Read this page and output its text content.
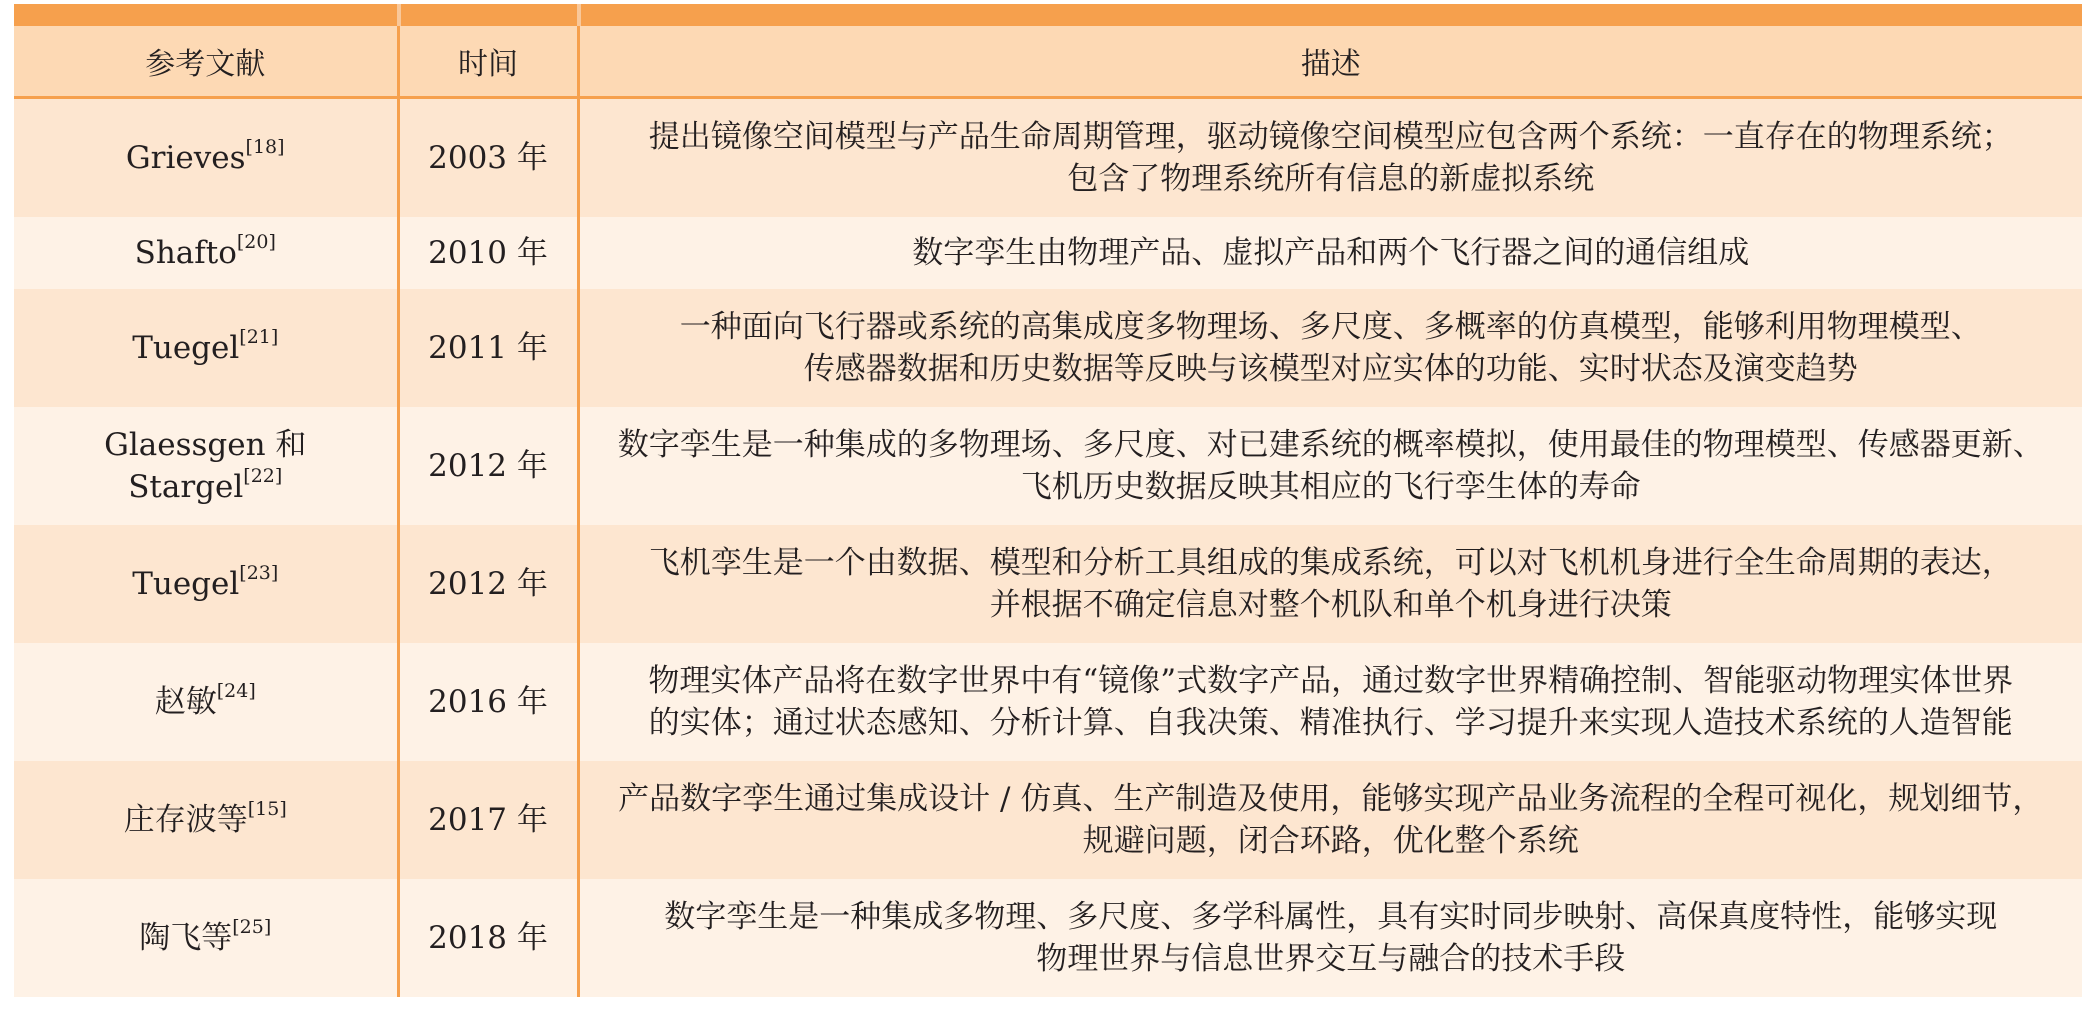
参考文献	时间	描述
Grieves[18]	2003 年	提出镜像空间模型与产品生命周期管理，驱动镜像空间模型应包含两个系统：一直存在的物理系统；
包含了物理系统所有信息的新虚拟系统

Shafto[20]	2010 年	数字孪生由物理产品、虚拟产品和两个飞行器之间的通信组成

Tuegel[21]	2011 年	一种面向飞行器或系统的高集成度多物理场、多尺度、多概率的仿真模型，能够利用物理模型、
传感器数据和历史数据等反映与该模型对应实体的功能、实时状态及演变趋势

Glaessgen 和 Stargel[22]	2012 年	数字孪生是一种集成的多物理场、多尺度、对已建系统的概率模拟，使用最佳的物理模型、传感器更新、
飞机历史数据反映其相应的飞行孪生体的寿命

Tuegel[23]	2012 年	飞机孪生是一个由数据、模型和分析工具组成的集成系统，可以对飞机机身进行全生命周期的表达，
并根据不确定信息对整个机队和单个机身进行决策

赵敏[24]	2016 年	物理实体产品将在数字世界中有“镜像”式数字产品，通过数字世界精确控制、智能驱动物理实体世界
的实体；通过状态感知、分析计算、自我决策、精准执行、学习提升来实现人造技术系统的人造智能

庄存波等[15]	2017 年	产品数字孪生通过集成设计 / 仿真、生产制造及使用，能够实现产品业务流程的全程可视化，规划细节，
规避问题，闭合环路，优化整个系统

陶飞等[25]	2018 年	数字孪生是一种集成多物理、多尺度、多学科属性，具有实时同步映射、高保真度特性，能够实现
物理世界与信息世界交互与融合的技术手段
